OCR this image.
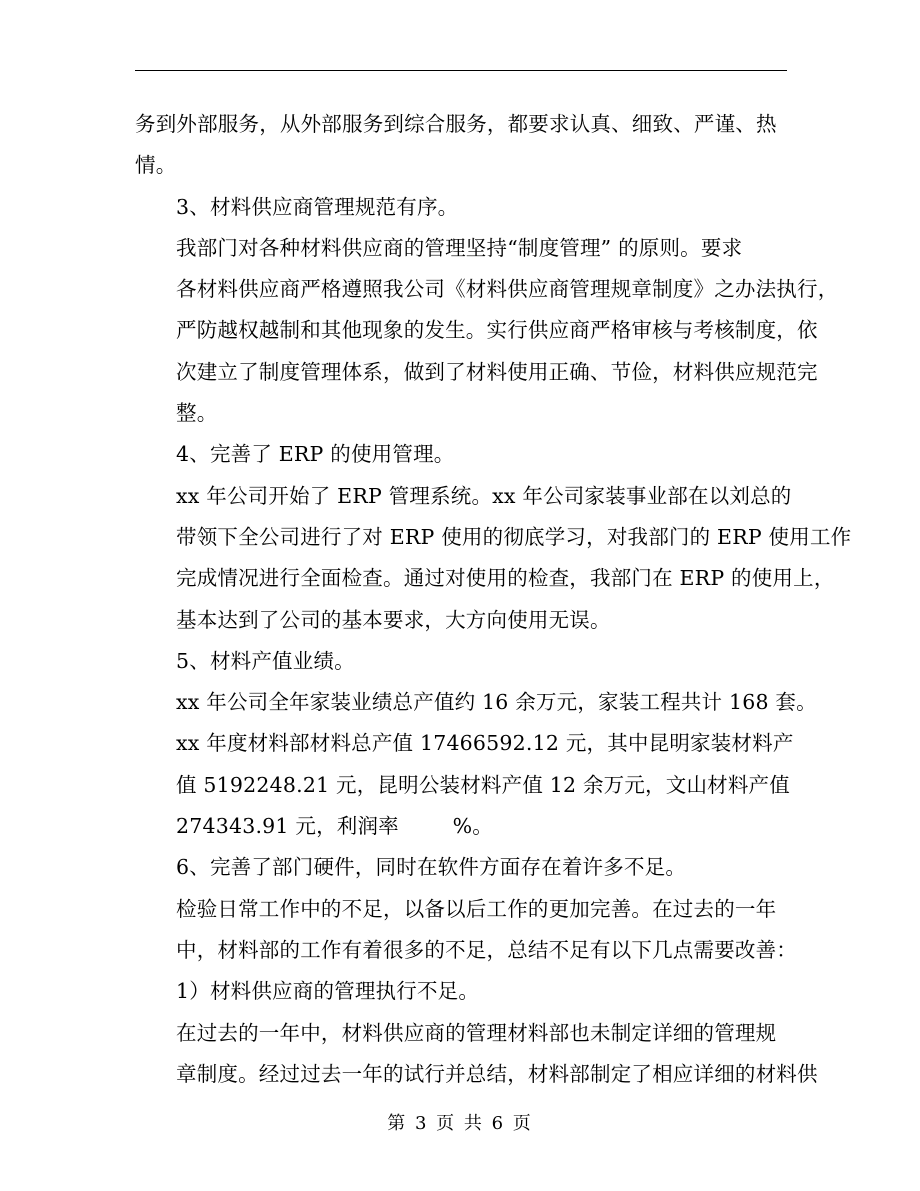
务到外部服务，从外部服务到综合服务，都要求认真、细致、严谨、热
情。
3、材料供应商管理规范有序。
我部门对各种材料供应商的管理坚持“制度管理” 的原则。要求
各材料供应商严格遵照我公司《材料供应商管理规章制度》之办法执行，
严防越权越制和其他现象的发生。实行供应商严格审核与考核制度，依
次建立了制度管理体系，做到了材料使用正确、节俭，材料供应规范完
整。
4、完善了 ERP 的使用管理。
xx 年公司开始了 ERP 管理系统。xx 年公司家装事业部在以刘总的
带领下全公司进行了对 ERP 使用的彻底学习，对我部门的 ERP 使用工作
完成情况进行全面检查。通过对使用的检查，我部门在 ERP 的使用上，
基本达到了公司的基本要求，大方向使用无误。
5、材料产值业绩。
xx 年公司全年家装业绩总产值约 16 余万元，家装工程共计 168 套。
xx 年度材料部材料总产值 17466592.12 元，其中昆明家装材料产
值 5192248.21 元，昆明公装材料产值 12 余万元，文山材料产值
274343.91 元，利润率        %。
6、完善了部门硬件，同时在软件方面存在着许多不足。
检验日常工作中的不足，以备以后工作的更加完善。在过去的一年
中，材料部的工作有着很多的不足，总结不足有以下几点需要改善：
1）材料供应商的管理执行不足。
在过去的一年中，材料供应商的管理材料部也未制定详细的管理规
章制度。经过过去一年的试行并总结，材料部制定了相应详细的材料供
第 3 页 共 6 页
